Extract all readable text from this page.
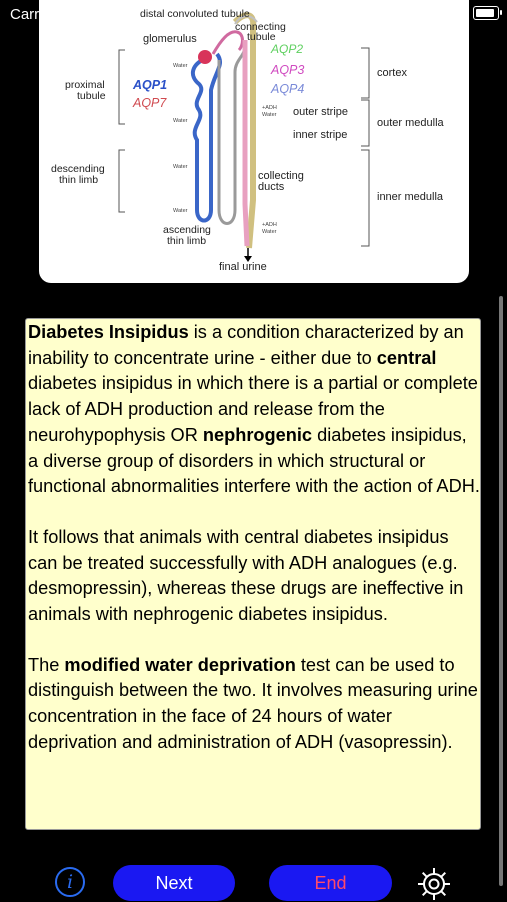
Carr	distal convoluted tubule
connecting
tubule
glomerulus
AQP2
AQP3
AQP4
AQP1
AQP7
proximal
tubule
descending
thin limb
ascending
thin limb
Water
Water
Water
Water
+ADH
Water
+ADH
Water
outer stripe
inner stripe
collecting
ducts
cortex
outer medulla
inner medulla
final urine

Diabetes Insipidus is a condition characterized by an inability to concentrate urine - either due to central diabetes insipidus in which there is a partial or complete lack of ADH production and release from the neurohypophysis OR nephrogenic diabetes insipidus, a diverse group of disorders in which structural or functional abnormalities interfere with the action of ADH.

It follows that animals with central diabetes insipidus can be treated successfully with ADH analogues (e.g. desmopressin), whereas these drugs are ineffective in animals with nephrogenic diabetes insipidus.

The modified water deprivation test can be used to distinguish between the two. It involves measuring urine concentration in the face of 24 hours of water deprivation and administration of ADH (vasopressin).

i	Next	End
